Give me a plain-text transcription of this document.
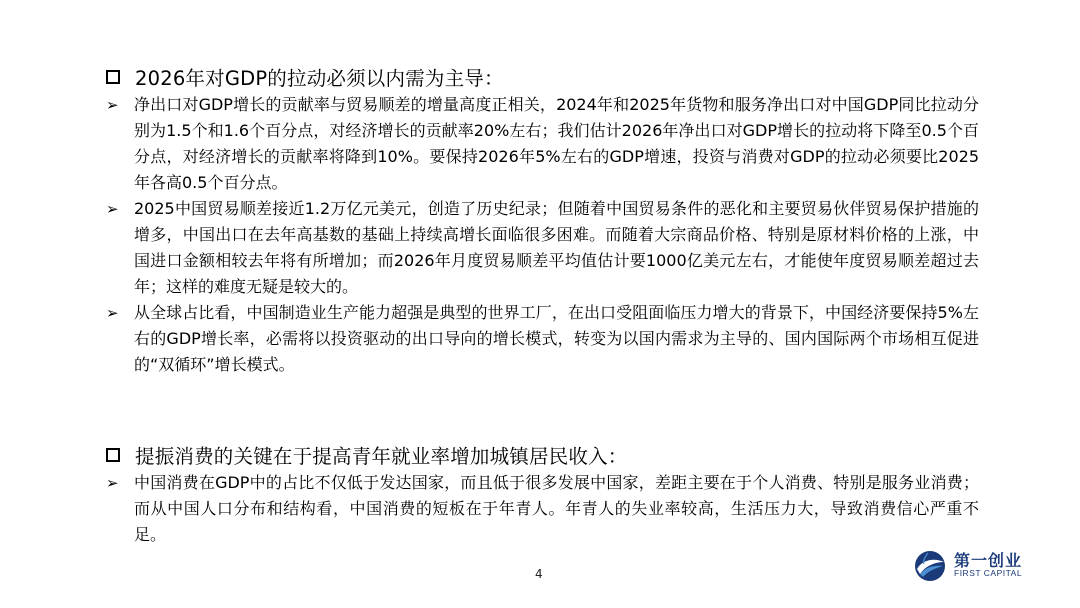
2026年对GDP的拉动必须以内需为主导：
➢ 净出口对GDP增长的贡献率与贸易顺差的增量高度正相关，2024年和2025年货物和服务净出口对中国GDP同比拉动分别为1.5个和1.6个百分点，对经济增长的贡献率20%左右；我们估计2026年净出口对GDP增长的拉动将下降至0.5个百分点，对经济增长的贡献率将降到10%。要保持2026年5%左右的GDP增速，投资与消费对GDP的拉动必须要比2025年各高0.5个百分点。
➢ 2025中国贸易顺差接近1.2万亿元美元，创造了历史纪录；但随着中国贸易条件的恶化和主要贸易伙伴贸易保护措施的增多，中国出口在去年高基数的基础上持续高增长面临很多困难。而随着大宗商品价格、特别是原材料价格的上涨，中国进口金额相较去年将有所增加；而2026年月度贸易顺差平均值估计要1000亿美元左右，才能使年度贸易顺差超过去年；这样的难度无疑是较大的。
➢ 从全球占比看，中国制造业生产能力超强是典型的世界工厂，在出口受阻面临压力增大的背景下，中国经济要保持5%左右的GDP增长率，必需将以投资驱动的出口导向的增长模式，转变为以国内需求为主导的、国内国际两个市场相互促进的“双循环”增长模式。
提振消费的关键在于提高青年就业率增加城镇居民收入：
➢ 中国消费在GDP中的占比不仅低于发达国家，而且低于很多发展中国家，差距主要在于个人消费、特别是服务业消费；而从中国人口分布和结构看，中国消费的短板在于年青人。年青人的失业率较高，生活压力大，导致消费信心严重不足。
4
第一创业
FIRST CAPITAL
